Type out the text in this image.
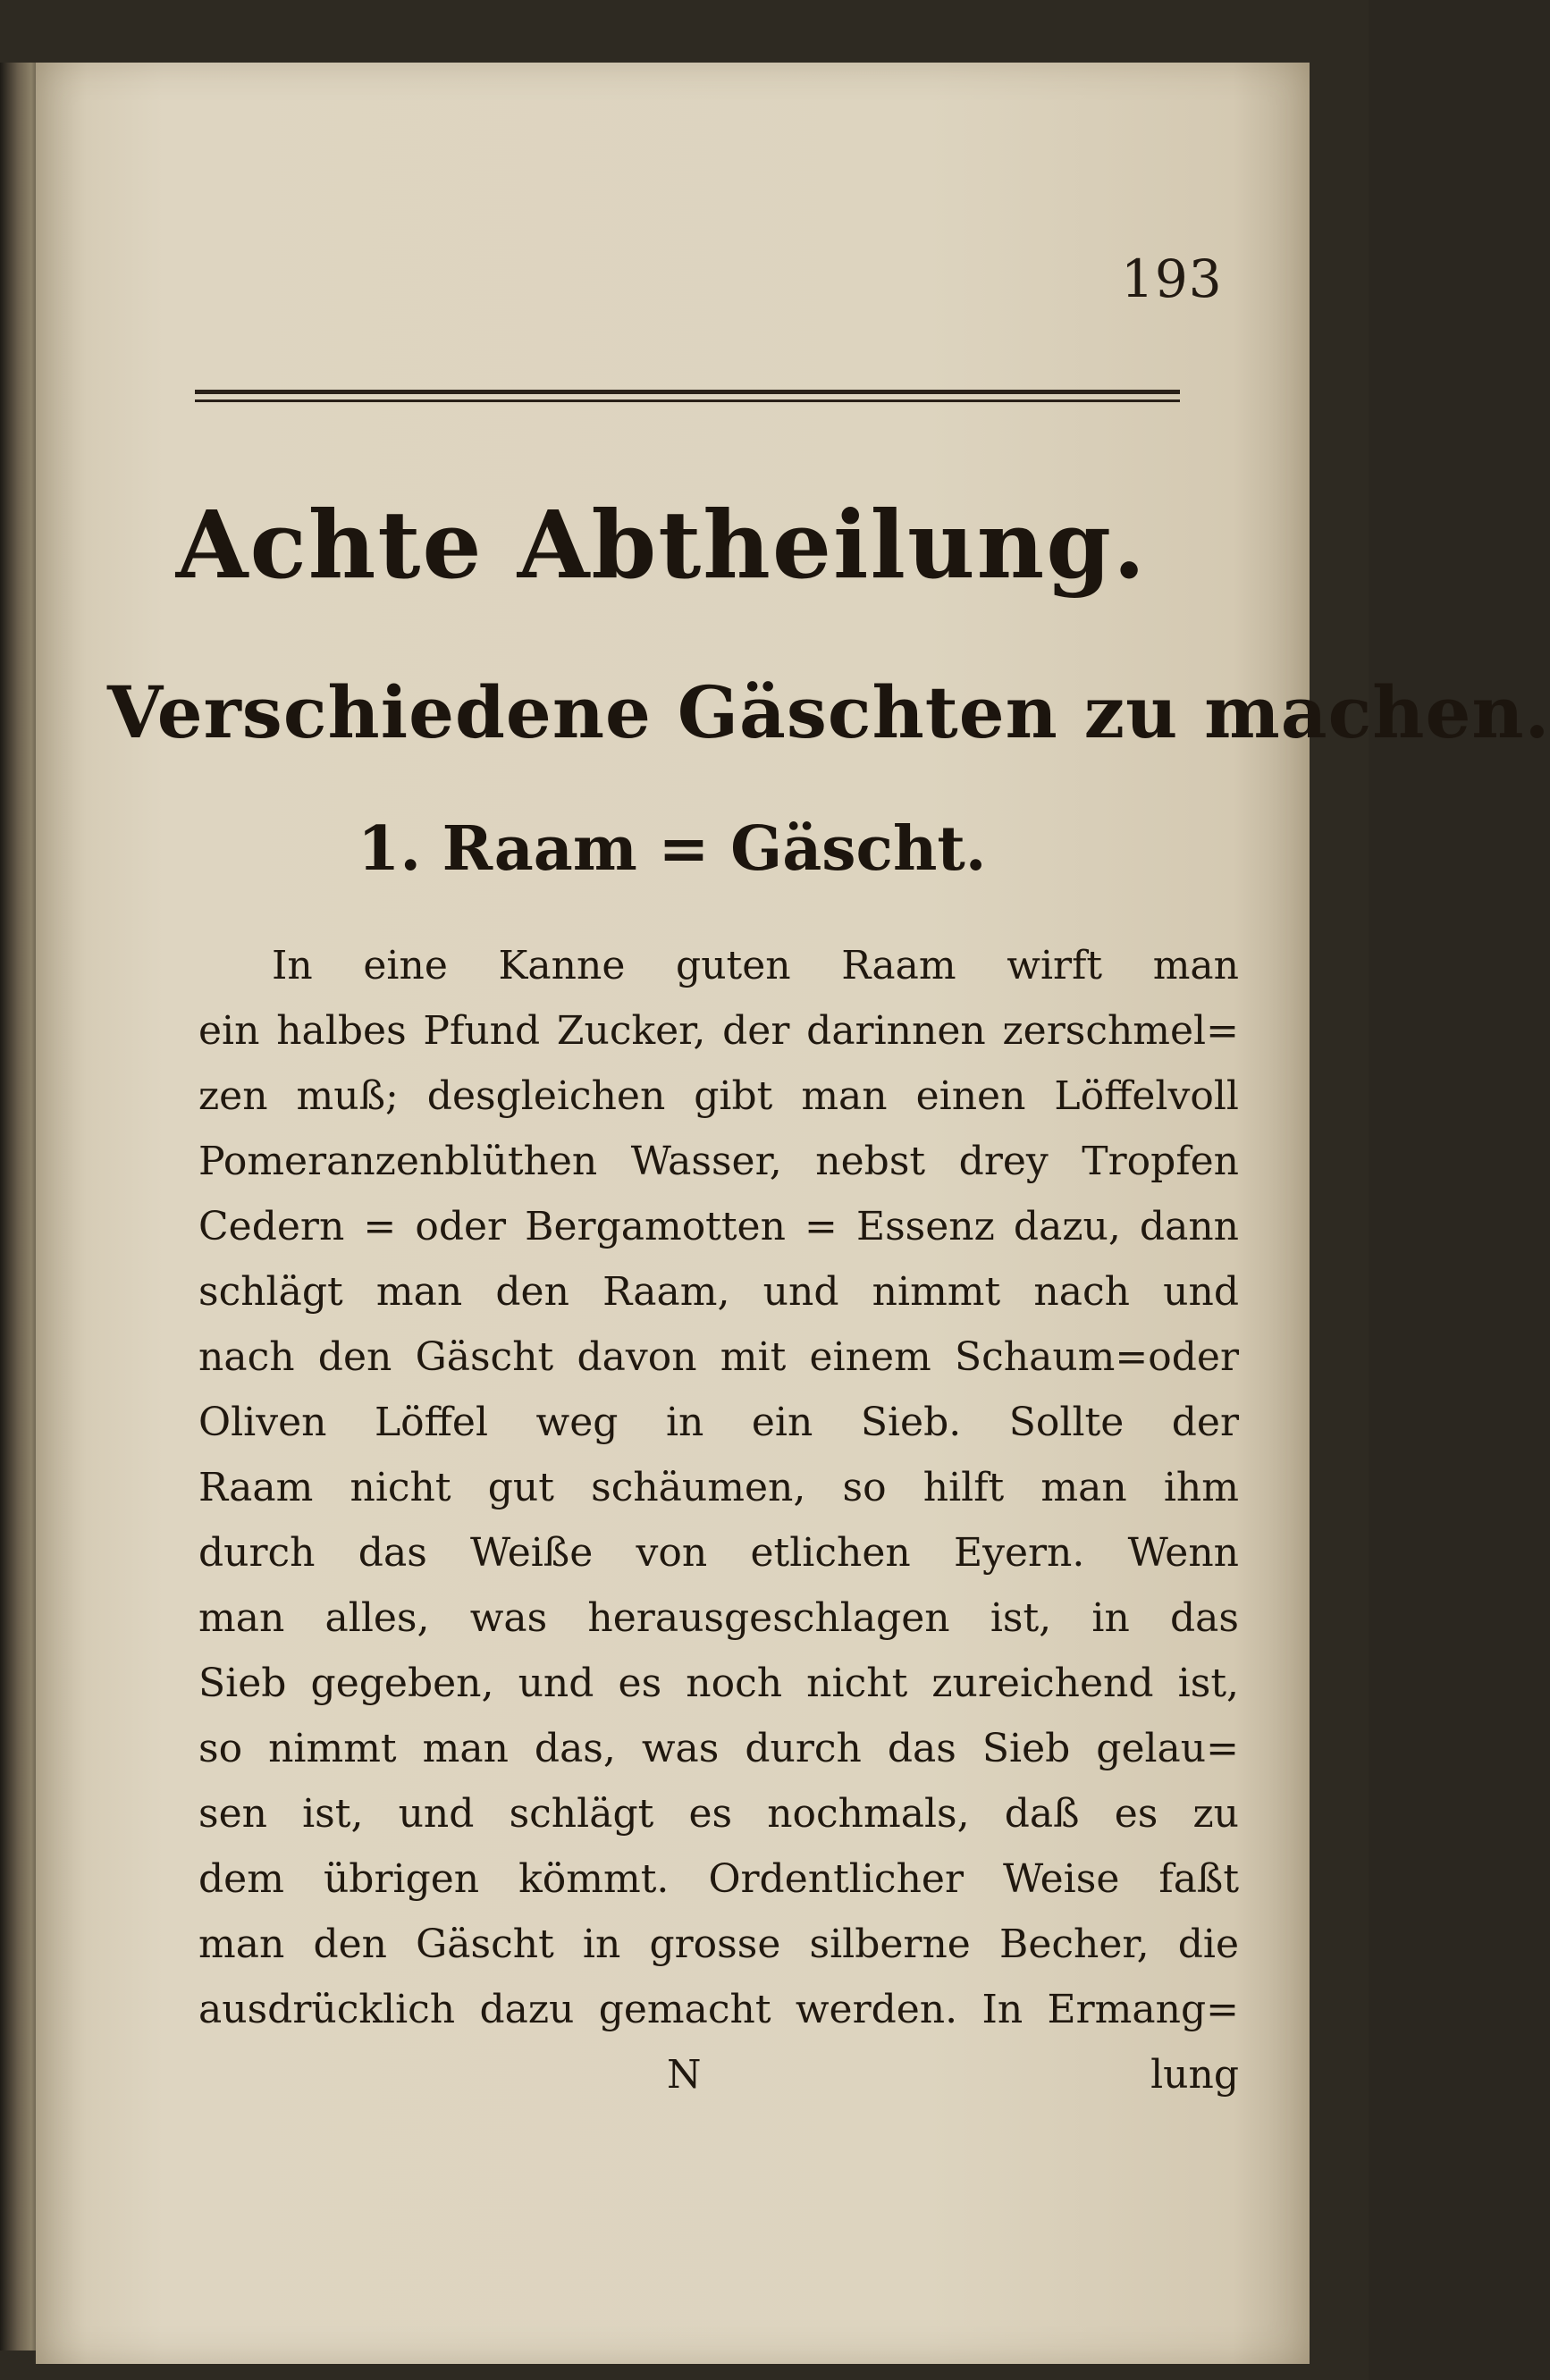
193
Achte Abtheilung.
Verschiedene Gäschten zu machen.
1. Raam = Gäscht.
In eine Kanne guten Raam wirft man
ein halbes Pfund Zucker, der darinnen zerschmel=
zen muß; desgleichen gibt man einen Löffelvoll
Pomeranzenblüthen Wasser, nebst drey Tropfen
Cedern = oder Bergamotten = Essenz dazu, dann
schlägt man den Raam, und nimmt nach und
nach den Gäscht davon mit einem Schaum=oder
Oliven Löffel weg in ein Sieb. Sollte der
Raam nicht gut schäumen, so hilft man ihm
durch das Weiße von etlichen Eyern. Wenn
man alles, was herausgeschlagen ist, in das
Sieb gegeben, und es noch nicht zureichend ist,
so nimmt man das, was durch das Sieb gelau=
sen ist, und schlägt es nochmals, daß es zu
dem übrigen kömmt. Ordentlicher Weise faßt
man den Gäscht in grosse silberne Becher, die
ausdrücklich dazu gemacht werden. In Ermang=
N	lung
